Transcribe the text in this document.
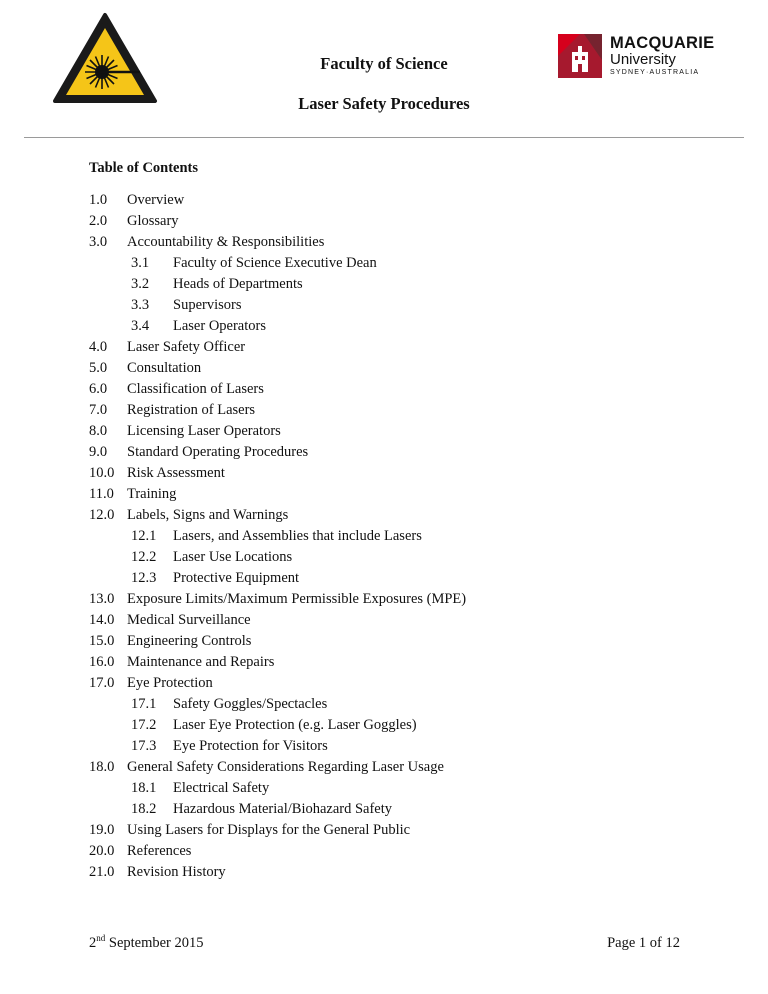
Faculty of Science
Laser Safety Procedures
MACQUARIE
University
SYDNEY·AUSTRALIA
Table of Contents
1.0 Overview
2.0 Glossary
3.0 Accountability & Responsibilities
3.1 Faculty of Science Executive Dean
3.2 Heads of Departments
3.3 Supervisors
3.4 Laser Operators
4.0 Laser Safety Officer
5.0 Consultation
6.0 Classification of Lasers
7.0 Registration of Lasers
8.0 Licensing Laser Operators
9.0 Standard Operating Procedures
10.0 Risk Assessment
11.0 Training
12.0 Labels, Signs and Warnings
12.1 Lasers, and Assemblies that include Lasers
12.2 Laser Use Locations
12.3 Protective Equipment
13.0 Exposure Limits/Maximum Permissible Exposures (MPE)
14.0 Medical Surveillance
15.0 Engineering Controls
16.0 Maintenance and Repairs
17.0 Eye Protection
17.1 Safety Goggles/Spectacles
17.2 Laser Eye Protection (e.g. Laser Goggles)
17.3 Eye Protection for Visitors
18.0 General Safety Considerations Regarding Laser Usage
18.1 Electrical Safety
18.2 Hazardous Material/Biohazard Safety
19.0 Using Lasers for Displays for the General Public
20.0 References
21.0 Revision History
2nd September 2015	Page 1 of 12
